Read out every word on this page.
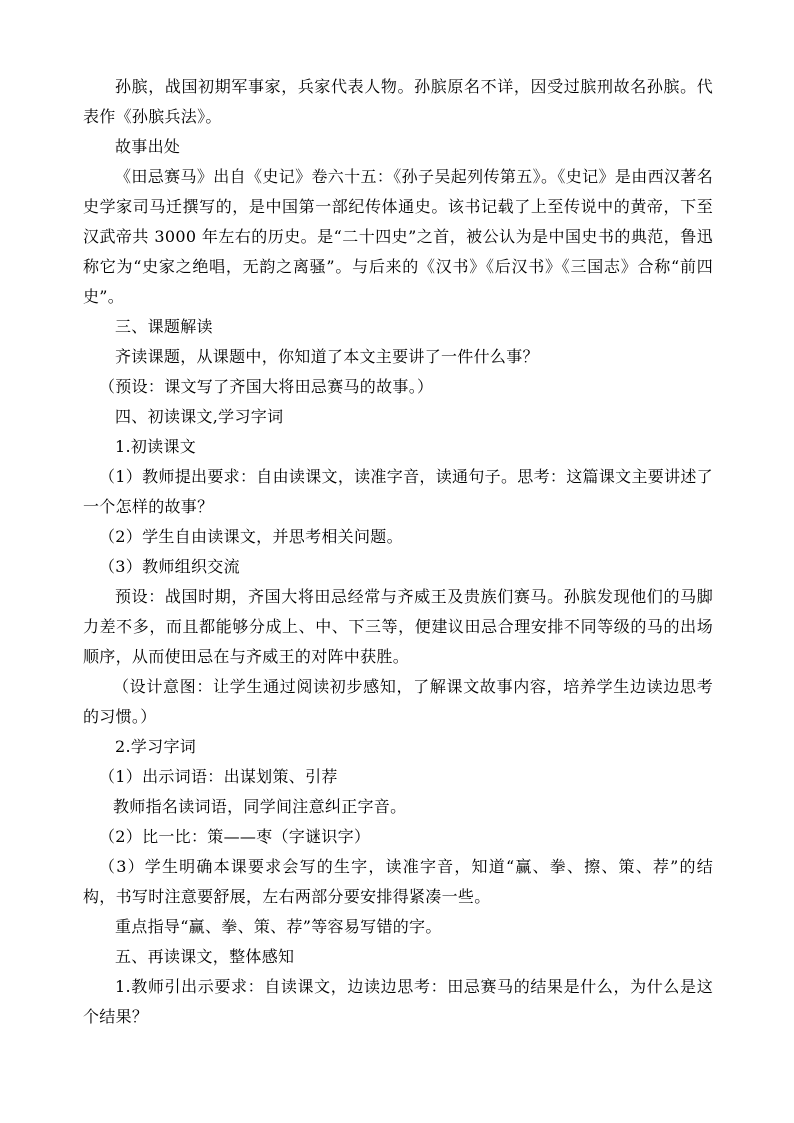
孙膑，战国初期军事家，兵家代表人物。孙膑原名不详，因受过膑刑故名孙膑。代表作《孙膑兵法》。

故事出处

《田忌赛马》出自《史记》卷六十五：《孙子吴起列传第五》。《史记》是由西汉著名史学家司马迁撰写的，是中国第一部纪传体通史。该书记载了上至传说中的黄帝，下至汉武帝共 3000 年左右的历史。是“二十四史”之首，被公认为是中国史书的典范，鲁迅称它为“史家之绝唱，无韵之离骚”。与后来的《汉书》《后汉书》《三国志》合称“前四史”。

三、课题解读

齐读课题，从课题中，你知道了本文主要讲了一件什么事？

（预设：课文写了齐国大将田忌赛马的故事。）

四、初读课文,学习字词

1.初读课文

（1）教师提出要求：自由读课文，读准字音，读通句子。思考：这篇课文主要讲述了一个怎样的故事？

（2）学生自由读课文，并思考相关问题。

（3）教师组织交流

预设：战国时期，齐国大将田忌经常与齐威王及贵族们赛马。孙膑发现他们的马脚力差不多，而且都能够分成上、中、下三等，便建议田忌合理安排不同等级的马的出场顺序，从而使田忌在与齐威王的对阵中获胜。

（设计意图：让学生通过阅读初步感知，了解课文故事内容，培养学生边读边思考的习惯。）

2.学习字词

（1）出示词语：出谋划策、引荐

教师指名读词语，同学间注意纠正字音。

（2）比一比：策——枣（字谜识字）

（3）学生明确本课要求会写的生字，读准字音，知道“赢、拳、擦、策、荐”的结构，书写时注意要舒展，左右两部分要安排得紧凑一些。

重点指导“赢、拳、策、荐”等容易写错的字。

五、再读课文，整体感知

1.教师引出示要求：自读课文，边读边思考：田忌赛马的结果是什么，为什么是这个结果？
